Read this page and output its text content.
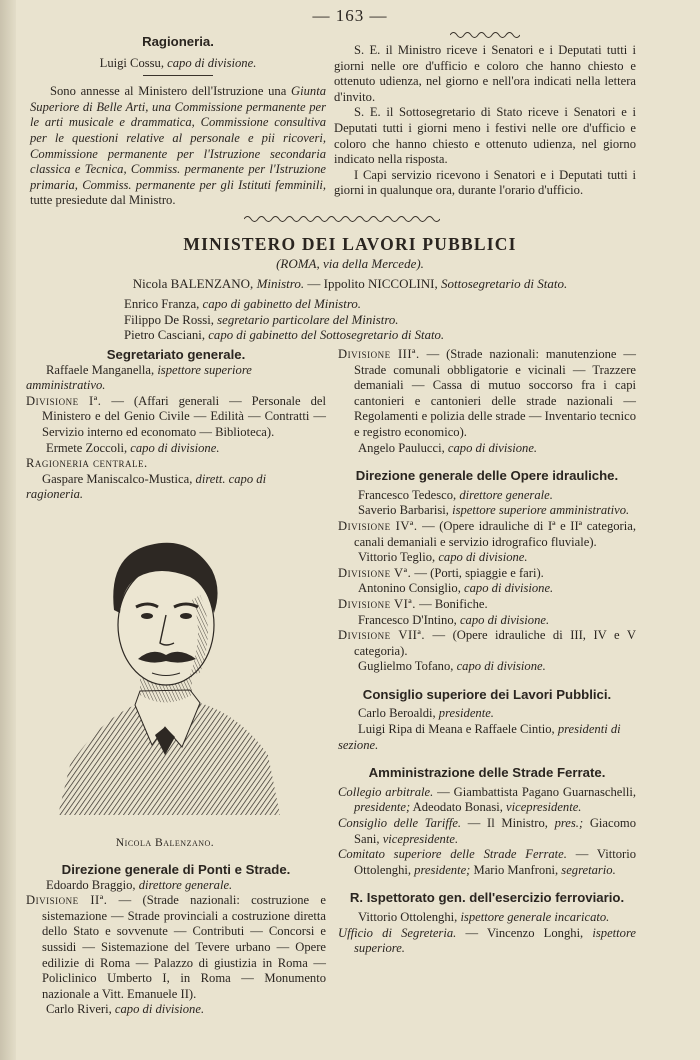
— 163 —

Ragioneria.

Luigi Cossu, capo di divisione.

Sono annesse al Ministero dell'Istruzione una Giunta Superiore di Belle Arti, una Commissione permanente per le arti musicale e drammatica, Commissione consultiva per le questioni relative al personale e pii ricoveri, Commissione permanente per l'Istruzione secondaria classica e Tecnica, Commiss. permanente per l'Istruzione primaria, Commiss. permanente per gli Istituti femminili, tutte presiedute dal Ministro.

S. E. il Ministro riceve i Senatori e i Deputati tutti i giorni nelle ore d'ufficio e coloro che hanno chiesto e ottenuto udienza, nel giorno e nell'ora indicati nella lettera d'invito.

S. E. il Sottosegretario di Stato riceve i Senatori e i Deputati tutti i giorni meno i festivi nelle ore d'ufficio e coloro che hanno chiesto e ottenuto udienza, nel giorno indicato nella risposta.

I Capi servizio ricevono i Senatori e i Deputati tutti i giorni in qualunque ora, durante l'orario d'ufficio.

MINISTERO DEI LAVORI PUBBLICI
(ROMA, via della Mercede).
Nicola BALENZANO, Ministro. — Ippolito NICCOLINI, Sottosegretario di Stato.
Enrico Franza, capo di gabinetto del Ministro.
Filippo De Rossi, segretario particolare del Ministro.
Pietro Casciani, capo di gabinetto del Sottosegretario di Stato.

Segretariato generale.

Raffaele Manganella, ispettore superiore amministrativo.

Divisione Iª. — (Affari generali — Personale del Ministero e del Genio Civile — Edilità — Contratti — Servizio interno ed economato — Biblioteca).

Ermete Zoccoli, capo di divisione.

Ragioneria centrale.

Gaspare Maniscalco-Mustica, dirett. capo di ragioneria.

Nicola Balenzano.

Direzione generale di Ponti e Strade.

Edoardo Braggio, direttore generale.

Divisione IIª. — (Strade nazionali: costruzione e sistemazione — Strade provinciali a costruzione diretta dello Stato e sovvenute — Contributi — Concorsi e sussidi — Sistemazione del Tevere urbano — Opere edilizie di Roma — Palazzo di giustizia in Roma — Policlinico Umberto I, in Roma — Monumento nazionale a Vitt. Emanuele II).

Carlo Riveri, capo di divisione.

Divisione IIIª. — (Strade nazionali: manutenzione — Strade comunali obbligatorie e vicinali — Trazzere demaniali — Cassa di mutuo soccorso fra i capi cantonieri e cantonieri delle strade nazionali — Regolamenti e polizia delle strade — Inventario tecnico e registro economico).

Angelo Paulucci, capo di divisione.

Direzione generale delle Opere idrauliche.

Francesco Tedesco, direttore generale.

Saverio Barbarisi, ispettore superiore amministrativo.

Divisione IVª. — (Opere idrauliche di Iª e IIª categoria, canali demaniali e servizio idrografico fluviale).

Vittorio Teglio, capo di divisione.

Divisione Vª. — (Porti, spiaggie e fari).

Antonino Consiglio, capo di divisione.

Divisione VIª. — Bonifiche.

Francesco D'Intino, capo di divisione.

Divisione VIIª. — (Opere idrauliche di III, IV e V categoria).

Guglielmo Tofano, capo di divisione.

Consiglio superiore dei Lavori Pubblici.

Carlo Beroaldi, presidente.

Luigi Ripa di Meana e Raffaele Cintio, presidenti di sezione.

Amministrazione delle Strade Ferrate.

Collegio arbitrale. — Giambattista Pagano Guarnaschelli, presidente; Adeodato Bonasi, vicepresidente.

Consiglio delle Tariffe. — Il Ministro, pres.; Giacomo Sani, vicepresidente.

Comitato superiore delle Strade Ferrate. — Vittorio Ottolenghi, presidente; Mario Manfroni, segretario.

R. Ispettorato gen. dell'esercizio ferroviario.

Vittorio Ottolenghi, ispettore generale incaricato.

Ufficio di Segreteria. — Vincenzo Longhi, ispettore superiore.
